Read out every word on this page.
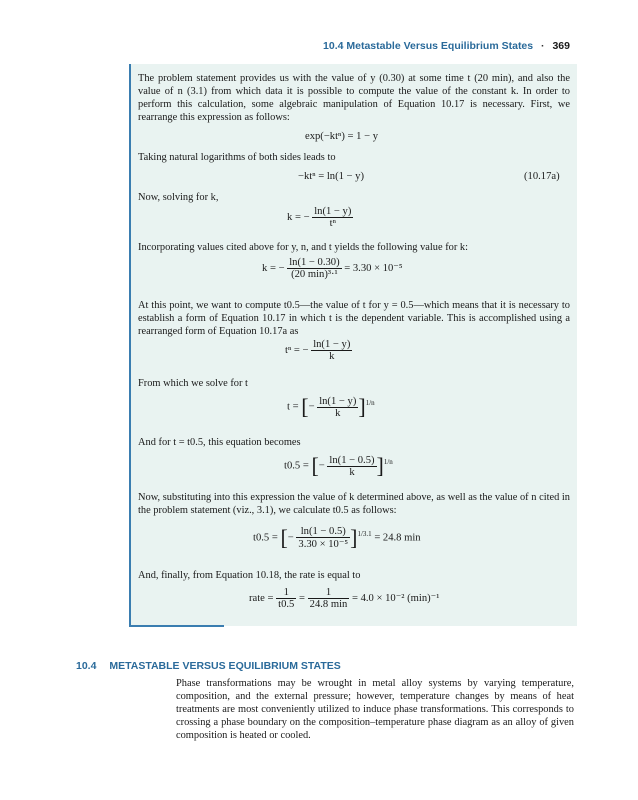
10.4 Metastable Versus Equilibrium States · 369
The problem statement provides us with the value of y (0.30) at some time t (20 min), and also the value of n (3.1) from which data it is possible to compute the value of the constant k. In order to perform this calculation, some algebraic manipulation of Equation 10.17 is necessary. First, we rearrange this expression as follows:
exp(−ktⁿ) = 1 − y
Taking natural logarithms of both sides leads to
−ktⁿ = ln(1 − y)	(10.17a)
Now, solving for k,
k = − $\frac{\ln(1 - y)}{\text{tⁿ}}$
Incorporating values cited above for y, n, and t yields the following value for k:
k = − $\frac{\ln(1 - 0.30)}{\text{(20 min)³·¹}} = 3.30 \times 10^{-5}$
At this point, we want to compute t0.5—the value of t for y = 0.5—which means that it is necessary to establish a form of Equation 10.17 in which t is the dependent variable. This is accomplished using a rearranged form of Equation 10.17a as
tⁿ = − $\frac{\ln(1 - y)}{k}$
From which we solve for t
t = [− $\frac{\ln(1 - y)}{k} ]^{1/n}$
And for t = t0.5, this equation becomes
t0.5 = [− $\frac{\ln(1 - 0.5)}{k} ]^{1/n}$
Now, substituting into this expression the value of k determined above, as well as the value of n cited in the problem statement (viz., 3.1), we calculate t0.5 as follows:
t0.5 = [− $\frac{\ln(1 - 0.5)}{\text{3.30 × 10⁻⁵}} ]^{1/3.1} = 24.8$ min
And, finally, from Equation 10.18, the rate is equal to
rate = $\frac{1}{t0.5} = \frac{1}{24.8 \min} = 4.0 \times 10^{-2}$ (min)⁻¹
10.4 METASTABLE VERSUS EQUILIBRIUM STATES
Phase transformations may be wrought in metal alloy systems by varying temperature, composition, and the external pressure; however, temperature changes by means of heat treatments are most conveniently utilized to induce phase transformations. This corresponds to crossing a phase boundary on the composition–temperature phase diagram as an alloy of given composition is heated or cooled.
